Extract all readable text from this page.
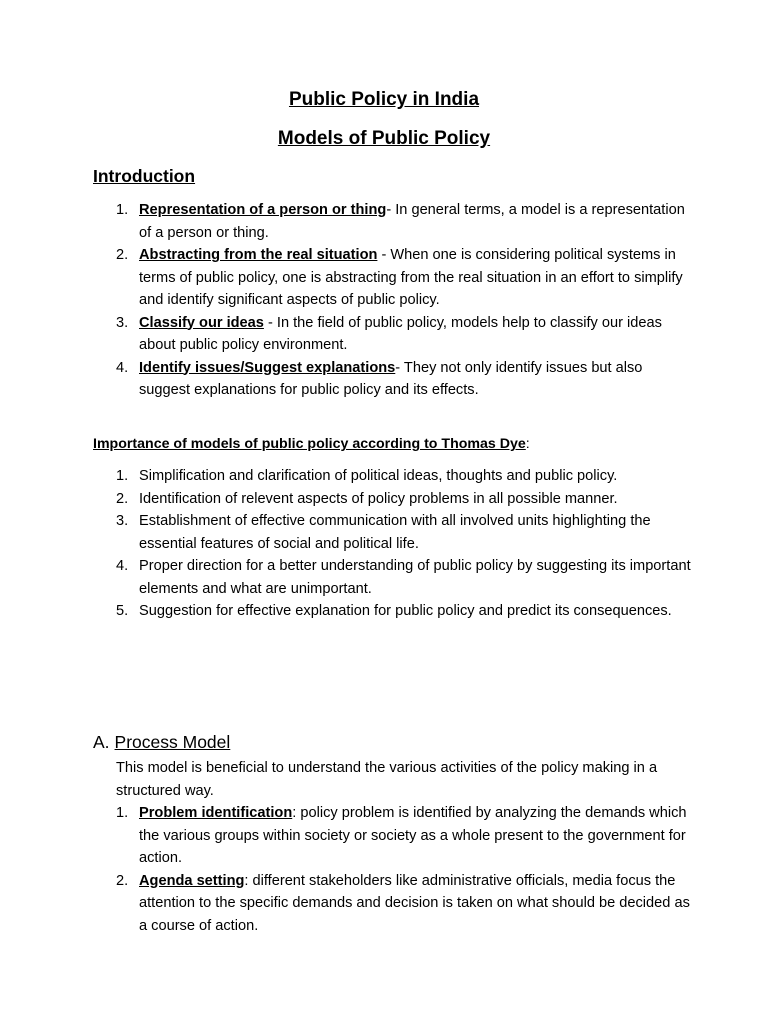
Public Policy in India
Models of Public Policy
Introduction
1. Representation of a person or thing- In general terms, a model is a representation of a person or thing.
2. Abstracting from the real situation - When one is considering political systems in terms of public policy, one is abstracting from the real situation in an effort to simplify and identify significant aspects of public policy.
3. Classify our ideas - In the field of public policy, models help to classify our ideas about public policy environment.
4. Identify issues/Suggest explanations- They not only identify issues but also suggest explanations for public policy and its effects.
Importance of models of public policy according to Thomas Dye:
1. Simplification and clarification of political ideas, thoughts and public policy.
2. Identification of relevent aspects of policy problems in all possible manner.
3. Establishment of effective communication with all involved units highlighting the essential features of social and political life.
4. Proper direction for a better understanding of public policy by suggesting its important elements and what are unimportant.
5. Suggestion for effective explanation for public policy and predict its consequences.
A. Process Model
This model is beneficial to understand the various activities of the policy making in a structured way.
1. Problem identification: policy problem is identified by analyzing the demands which the various groups within society or society as a whole present to the government for action.
2. Agenda setting: different stakeholders like administrative officials, media focus the attention to the specific demands and decision is taken on what should be decided as a course of action.
